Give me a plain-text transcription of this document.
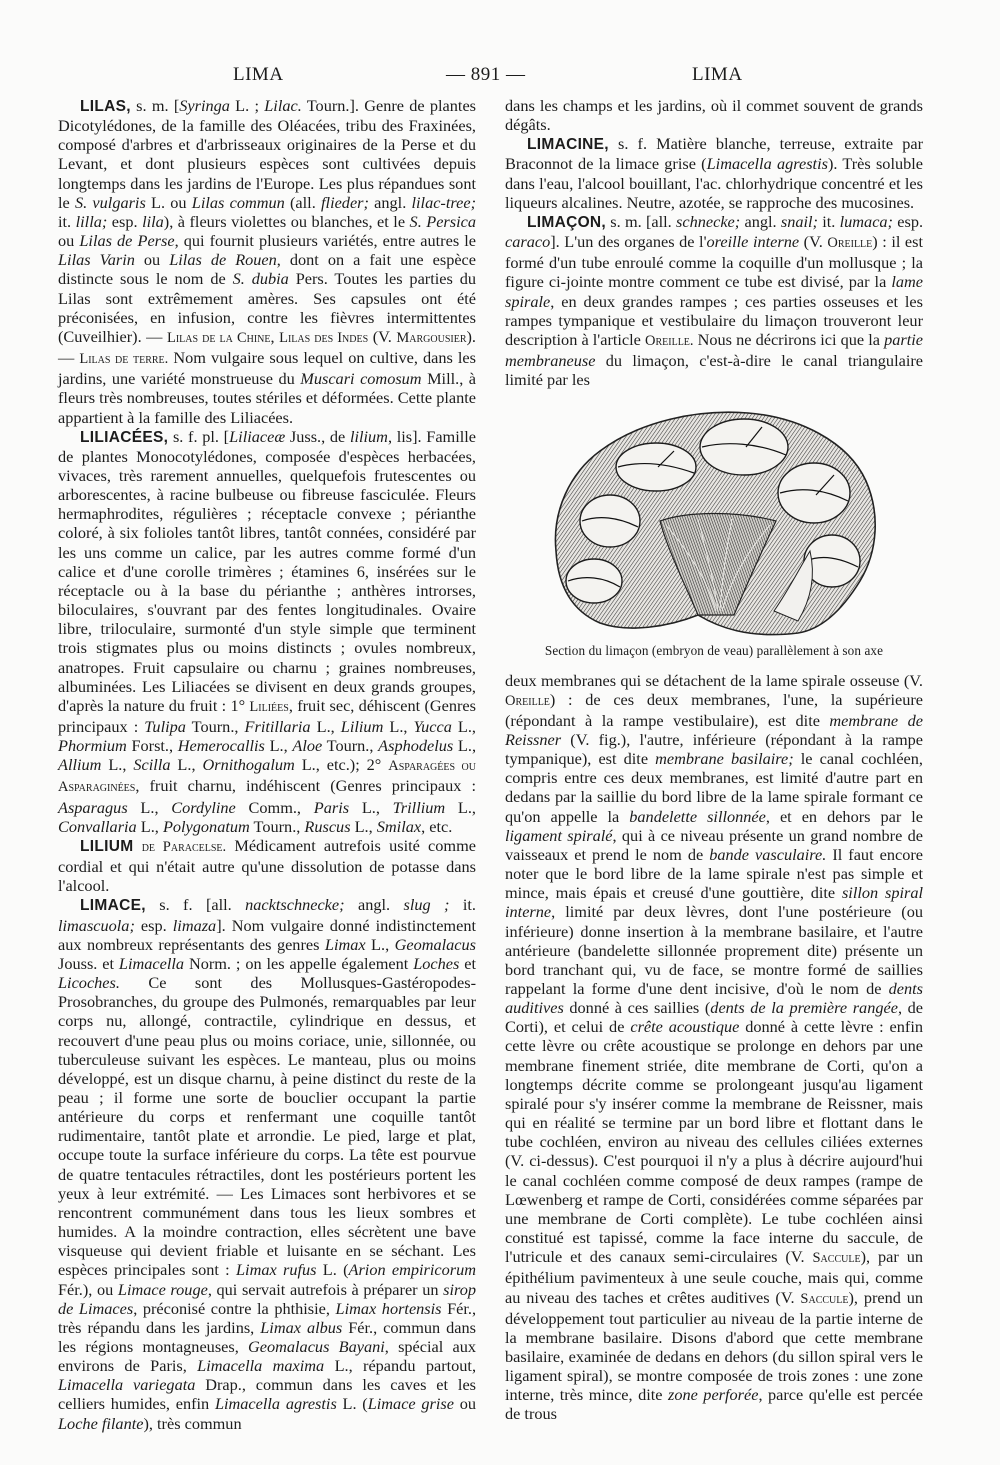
LIMA	— 891 —	LIMA

LILAS, s. m. [Syringa L. ; Lilac. Tourn.]. Genre de plantes Dicotylédones, de la famille des Oléacées, tribu des Fraxinées, composé d'arbres et d'arbrisseaux originaires de la Perse et du Levant, et dont plusieurs espèces sont cultivées depuis longtemps dans les jardins de l'Europe. Les plus répandues sont le S. vulgaris L. ou Lilas commun (all. flieder; angl. lilac-tree; it. lilla; esp. lila), à fleurs violettes ou blanches, et le S. Persica ou Lilas de Perse, qui fournit plusieurs variétés, entre autres le Lilas Varin ou Lilas de Rouen, dont on a fait une espèce distincte sous le nom de S. dubia Pers. Toutes les parties du Lilas sont extrêmement amères. Ses capsules ont été préconisées, en infusion, contre les fièvres intermittentes (Cuveilhier). — Lilas de la Chine, Lilas des Indes (V. Margousier). — Lilas de terre. Nom vulgaire sous lequel on cultive, dans les jardins, une variété monstrueuse du Muscari comosum Mill., à fleurs très nombreuses, toutes stériles et déformées. Cette plante appartient à la famille des Liliacées.

LILIACÉES, s. f. pl. [Liliaceæ Juss., de lilium, lis]. Famille de plantes Monocotylédones, composée d'espèces herbacées, vivaces, très rarement annuelles, quelquefois frutescentes ou arborescentes, à racine bulbeuse ou fibreuse fasciculée. Fleurs hermaphrodites, régulières ; réceptacle convexe ; périanthe coloré, à six folioles tantôt libres, tantôt connées, considéré par les uns comme un calice, par les autres comme formé d'un calice et d'une corolle trimères ; étamines 6, insérées sur le réceptacle ou à la base du périanthe ; anthères introrses, biloculaires, s'ouvrant par des fentes longitudinales. Ovaire libre, triloculaire, surmonté d'un style simple que terminent trois stigmates plus ou moins distincts ; ovules nombreux, anatropes. Fruit capsulaire ou charnu ; graines nombreuses, albuminées. Les Liliacées se divisent en deux grands groupes, d'après la nature du fruit : 1° Liliées, fruit sec, déhiscent (Genres principaux : Tulipa Tourn., Fritillaria L., Lilium L., Yucca L., Phormium Forst., Hemerocallis L., Aloe Tourn., Asphodelus L., Allium L., Scilla L., Ornithogalum L., etc.); 2° Asparagées ou Asparaginées, fruit charnu, indéhiscent (Genres principaux : Asparagus L., Cordyline Comm., Paris L., Trillium L., Convallaria L., Polygonatum Tourn., Ruscus L., Smilax, etc.

LILIUM de Paracelse. Médicament autrefois usité comme cordial et qui n'était autre qu'une dissolution de potasse dans l'alcool.

LIMACE, s. f. [all. nacktschnecke; angl. slug ; it. limascuola; esp. limaza]. Nom vulgaire donné indistinctement aux nombreux représentants des genres Limax L., Geomalacus Jouss. et Limacella Norm. ; on les appelle également Loches et Licoches. Ce sont des Mollusques-Gastéropodes-Prosobranches, du groupe des Pulmonés, remarquables par leur corps nu, allongé, contractile, cylindrique en dessus, et recouvert d'une peau plus ou moins coriace, unie, sillonnée, ou tuberculeuse suivant les espèces. Le manteau, plus ou moins développé, est un disque charnu, à peine distinct du reste de la peau ; il forme une sorte de bouclier occupant la partie antérieure du corps et renfermant une coquille tantôt rudimentaire, tantôt plate et arrondie. Le pied, large et plat, occupe toute la surface inférieure du corps. La tête est pourvue de quatre tentacules rétractiles, dont les postérieurs portent les yeux à leur extrémité. — Les Limaces sont herbivores et se rencontrent communément dans tous les lieux sombres et humides. A la moindre contraction, elles sécrètent une bave visqueuse qui devient friable et luisante en se séchant. Les espèces principales sont : Limax rufus L. (Arion empiricorum Fér.), ou Limace rouge, qui servait autrefois à préparer un sirop de Limaces, préconisé contre la phthisie, Limax hortensis Fér., très répandu dans les jardins, Limax albus Fér., commun dans les régions montagneuses, Geomalacus Bayani, spécial aux environs de Paris, Limacella maxima L., répandu partout, Limacella variegata Drap., commun dans les caves et les celliers humides, enfin Limacella agrestis L. (Limace grise ou Loche filante), très commun

dans les champs et les jardins, où il commet souvent de grands dégâts.

LIMACINE, s. f. Matière blanche, terreuse, extraite par Braconnot de la limace grise (Limacella agrestis). Très soluble dans l'eau, l'alcool bouillant, l'ac. chlorhydrique concentré et les liqueurs alcalines. Neutre, azotée, se rapproche des mucosines.

LIMAÇON, s. m. [all. schnecke; angl. snail; it. lumaca; esp. caraco]. L'un des organes de l'oreille interne (V. Oreille) : il est formé d'un tube enroulé comme la coquille d'un mollusque ; la figure ci-jointe montre comment ce tube est divisé, par la lame spirale, en deux grandes rampes ; ces parties osseuses et les rampes tympanique et vestibulaire du limaçon trouveront leur description à l'article Oreille. Nous ne décrirons ici que la partie membraneuse du limaçon, c'est-à-dire le canal triangulaire limité par les

Section du limaçon (embryon de veau) parallèlement à son axe

deux membranes qui se détachent de la lame spirale osseuse (V. Oreille) : de ces deux membranes, l'une, la supérieure (répondant à la rampe vestibulaire), est dite membrane de Reissner (V. fig.), l'autre, inférieure (répondant à la rampe tympanique), est dite membrane basilaire; le canal cochléen, compris entre ces deux membranes, est limité d'autre part en dedans par la saillie du bord libre de la lame spirale formant ce qu'on appelle la bandelette sillonnée, et en dehors par le ligament spiralé, qui à ce niveau présente un grand nombre de vaisseaux et prend le nom de bande vasculaire. Il faut encore noter que le bord libre de la lame spirale n'est pas simple et mince, mais épais et creusé d'une gouttière, dite sillon spiral interne, limité par deux lèvres, dont l'une postérieure (ou inférieure) donne insertion à la membrane basilaire, et l'autre antérieure (bandelette sillonnée proprement dite) présente un bord tranchant qui, vu de face, se montre formé de saillies rappelant la forme d'une dent incisive, d'où le nom de dents auditives donné à ces saillies (dents de la première rangée, de Corti), et celui de crête acoustique donné à cette lèvre : enfin cette lèvre ou crête acoustique se prolonge en dehors par une membrane finement striée, dite membrane de Corti, qu'on a longtemps décrite comme se prolongeant jusqu'au ligament spiralé pour s'y insérer comme la membrane de Reissner, mais qui en réalité se termine par un bord libre et flottant dans le tube cochléen, environ au niveau des cellules ciliées externes (V. ci-dessus). C'est pourquoi il n'y a plus à décrire aujourd'hui le canal cochléen comme composé de deux rampes (rampe de Lœwenberg et rampe de Corti, considérées comme séparées par une membrane de Corti complète). Le tube cochléen ainsi constitué est tapissé, comme la face interne du saccule, de l'utricule et des canaux semi-circulaires (V. Saccule), par un épithélium pavimenteux à une seule couche, mais qui, comme au niveau des taches et crêtes auditives (V. Saccule), prend un développement tout particulier au niveau de la partie interne de la membrane basilaire. Disons d'abord que cette membrane basilaire, examinée de dedans en dehors (du sillon spiral vers le ligament spiral), se montre composée de trois zones : une zone interne, très mince, dite zone perforée, parce qu'elle est percée de trous
